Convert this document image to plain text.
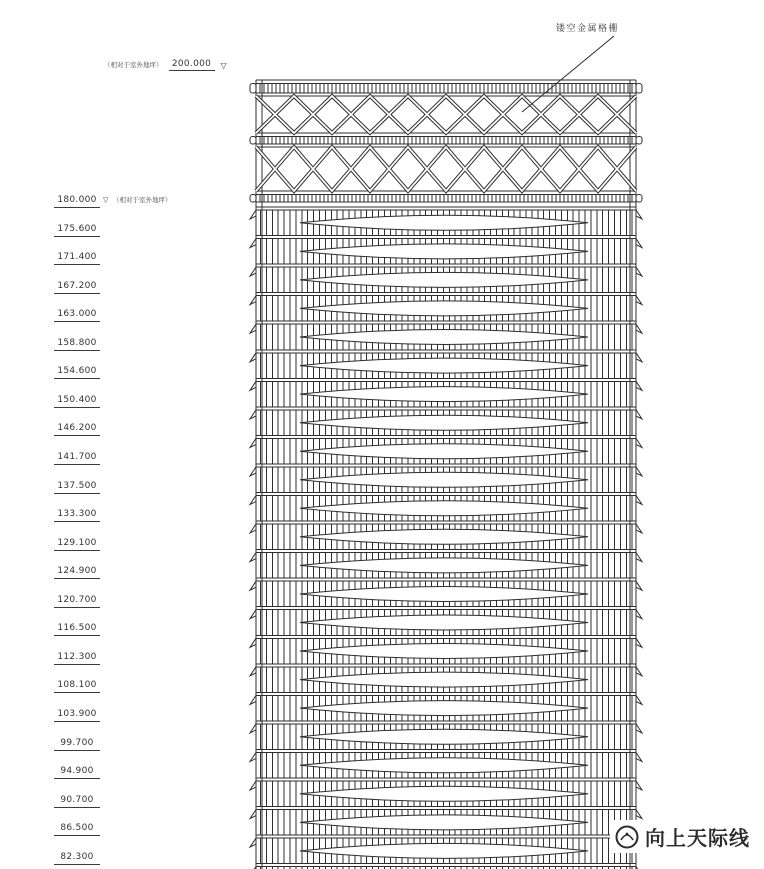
（相对于室外地坪）	200.000	▽
镂空金属格栅
180.000 ▽ （相对于室外地坪）
175.600
171.400
167.200
163.000
158.800
154.600
150.400
146.200
141.700
137.500
133.300
129.100
124.900
120.700
116.500
112.300
108.100
103.900
99.700
94.900
90.700
86.500
82.300
向上天际线
